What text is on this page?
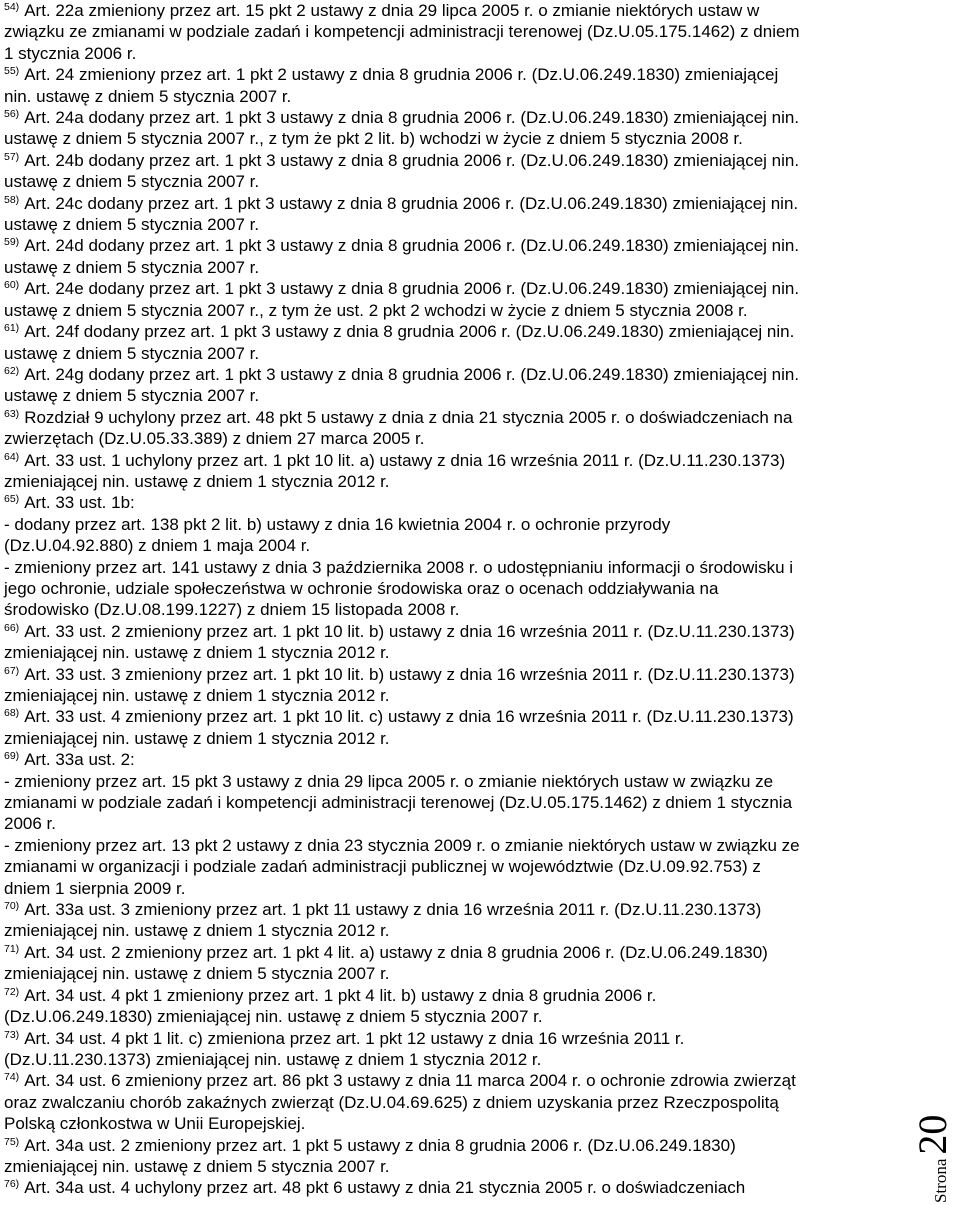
$^{54)}$ Art. 22a zmieniony przez art. 15 pkt 2 ustawy z dnia 29 lipca 2005 r. o zmianie niektórych ustaw w
związku ze zmianami w podziale zadań i kompetencji administracji terenowej (Dz.U.05.175.1462) z dniem
1 stycznia 2006 r.
$^{55)}$ Art. 24 zmieniony przez art. 1 pkt 2 ustawy z dnia 8 grudnia 2006 r. (Dz.U.06.249.1830) zmieniającej
nin. ustawę z dniem 5 stycznia 2007 r.
$^{56)}$ Art. 24a dodany przez art. 1 pkt 3 ustawy z dnia 8 grudnia 2006 r. (Dz.U.06.249.1830) zmieniającej nin.
ustawę z dniem 5 stycznia 2007 r., z tym że pkt 2 lit. b) wchodzi w życie z dniem 5 stycznia 2008 r.
$^{57)}$ Art. 24b dodany przez art. 1 pkt 3 ustawy z dnia 8 grudnia 2006 r. (Dz.U.06.249.1830) zmieniającej nin.
ustawę z dniem 5 stycznia 2007 r.
$^{58)}$ Art. 24c dodany przez art. 1 pkt 3 ustawy z dnia 8 grudnia 2006 r. (Dz.U.06.249.1830) zmieniającej nin.
ustawę z dniem 5 stycznia 2007 r.
$^{59)}$ Art. 24d dodany przez art. 1 pkt 3 ustawy z dnia 8 grudnia 2006 r. (Dz.U.06.249.1830) zmieniającej nin.
ustawę z dniem 5 stycznia 2007 r.
$^{60)}$ Art. 24e dodany przez art. 1 pkt 3 ustawy z dnia 8 grudnia 2006 r. (Dz.U.06.249.1830) zmieniającej nin.
ustawę z dniem 5 stycznia 2007 r., z tym że ust. 2 pkt 2 wchodzi w życie z dniem 5 stycznia 2008 r.
$^{61)}$ Art. 24f dodany przez art. 1 pkt 3 ustawy z dnia 8 grudnia 2006 r. (Dz.U.06.249.1830) zmieniającej nin.
ustawę z dniem 5 stycznia 2007 r.
$^{62)}$ Art. 24g dodany przez art. 1 pkt 3 ustawy z dnia 8 grudnia 2006 r. (Dz.U.06.249.1830) zmieniającej nin.
ustawę z dniem 5 stycznia 2007 r.
$^{63)}$ Rozdział 9 uchylony przez art. 48 pkt 5 ustawy z dnia z dnia 21 stycznia 2005 r. o doświadczeniach na
zwierzętach (Dz.U.05.33.389) z dniem 27 marca 2005 r.
$^{64)}$ Art. 33 ust. 1 uchylony przez art. 1 pkt 10 lit. a) ustawy z dnia 16 września 2011 r. (Dz.U.11.230.1373)
zmieniającej nin. ustawę z dniem 1 stycznia 2012 r.
$^{65)}$ Art. 33 ust. 1b:
- dodany przez art. 138 pkt 2 lit. b) ustawy z dnia 16 kwietnia 2004 r. o ochronie przyrody
(Dz.U.04.92.880) z dniem 1 maja 2004 r.
- zmieniony przez art. 141 ustawy z dnia 3 października 2008 r. o udostępnianiu informacji o środowisku i
jego ochronie, udziale społeczeństwa w ochronie środowiska oraz o ocenach oddziaływania na
środowisko (Dz.U.08.199.1227) z dniem 15 listopada 2008 r.
$^{66)}$ Art. 33 ust. 2 zmieniony przez art. 1 pkt 10 lit. b) ustawy z dnia 16 września 2011 r. (Dz.U.11.230.1373)
zmieniającej nin. ustawę z dniem 1 stycznia 2012 r.
$^{67)}$ Art. 33 ust. 3 zmieniony przez art. 1 pkt 10 lit. b) ustawy z dnia 16 września 2011 r. (Dz.U.11.230.1373)
zmieniającej nin. ustawę z dniem 1 stycznia 2012 r.
$^{68)}$ Art. 33 ust. 4 zmieniony przez art. 1 pkt 10 lit. c) ustawy z dnia 16 września 2011 r. (Dz.U.11.230.1373)
zmieniającej nin. ustawę z dniem 1 stycznia 2012 r.
$^{69)}$ Art. 33a ust. 2:
- zmieniony przez art. 15 pkt 3 ustawy z dnia 29 lipca 2005 r. o zmianie niektórych ustaw w związku ze
zmianami w podziale zadań i kompetencji administracji terenowej (Dz.U.05.175.1462) z dniem 1 stycznia
2006 r.
- zmieniony przez art. 13 pkt 2 ustawy z dnia 23 stycznia 2009 r. o zmianie niektórych ustaw w związku ze
zmianami w organizacji i podziale zadań administracji publicznej w województwie (Dz.U.09.92.753) z
dniem 1 sierpnia 2009 r.
$^{70)}$ Art. 33a ust. 3 zmieniony przez art. 1 pkt 11 ustawy z dnia 16 września 2011 r. (Dz.U.11.230.1373)
zmieniającej nin. ustawę z dniem 1 stycznia 2012 r.
$^{71)}$ Art. 34 ust. 2 zmieniony przez art. 1 pkt 4 lit. a) ustawy z dnia 8 grudnia 2006 r. (Dz.U.06.249.1830)
zmieniającej nin. ustawę z dniem 5 stycznia 2007 r.
$^{72)}$ Art. 34 ust. 4 pkt 1 zmieniony przez art. 1 pkt 4 lit. b) ustawy z dnia 8 grudnia 2006 r.
(Dz.U.06.249.1830) zmieniającej nin. ustawę z dniem 5 stycznia 2007 r.
$^{73)}$ Art. 34 ust. 4 pkt 1 lit. c) zmieniona przez art. 1 pkt 12 ustawy z dnia 16 września 2011 r.
(Dz.U.11.230.1373) zmieniającej nin. ustawę z dniem 1 stycznia 2012 r.
$^{74)}$ Art. 34 ust. 6 zmieniony przez art. 86 pkt 3 ustawy z dnia 11 marca 2004 r. o ochronie zdrowia zwierząt
oraz zwalczaniu chorób zakaźnych zwierząt (Dz.U.04.69.625) z dniem uzyskania przez Rzeczpospolitą
Polską członkostwa w Unii Europejskiej.
$^{75)}$ Art. 34a ust. 2 zmieniony przez art. 1 pkt 5 ustawy z dnia 8 grudnia 2006 r. (Dz.U.06.249.1830)
zmieniającej nin. ustawę z dniem 5 stycznia 2007 r.
$^{76)}$ Art. 34a ust. 4 uchylony przez art. 48 pkt 6 ustawy z dnia 21 stycznia 2005 r. o doświadczeniach	Strona
20
